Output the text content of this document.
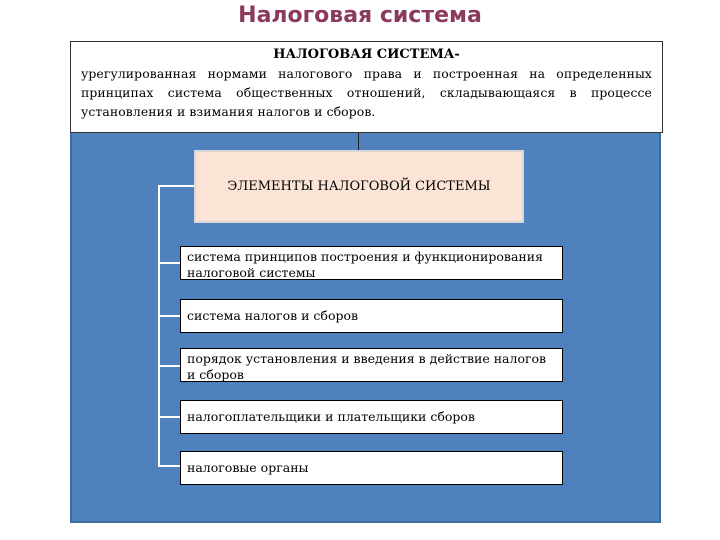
Налоговая система
НАЛОГОВАЯ СИСТЕМА-
урегулированная нормами налогового права и построенная на определенных принципах система общественных отношений, складывающаяся в процессе установления и взимания налогов и сборов.
ЭЛЕМЕНТЫ НАЛОГОВОЙ СИСТЕМЫ
система принципов построения и функционирования налоговой системы
система налогов и сборов
порядок установления и введения в действие налогов и сборов
налогоплательщики и плательщики сборов
налоговые органы
